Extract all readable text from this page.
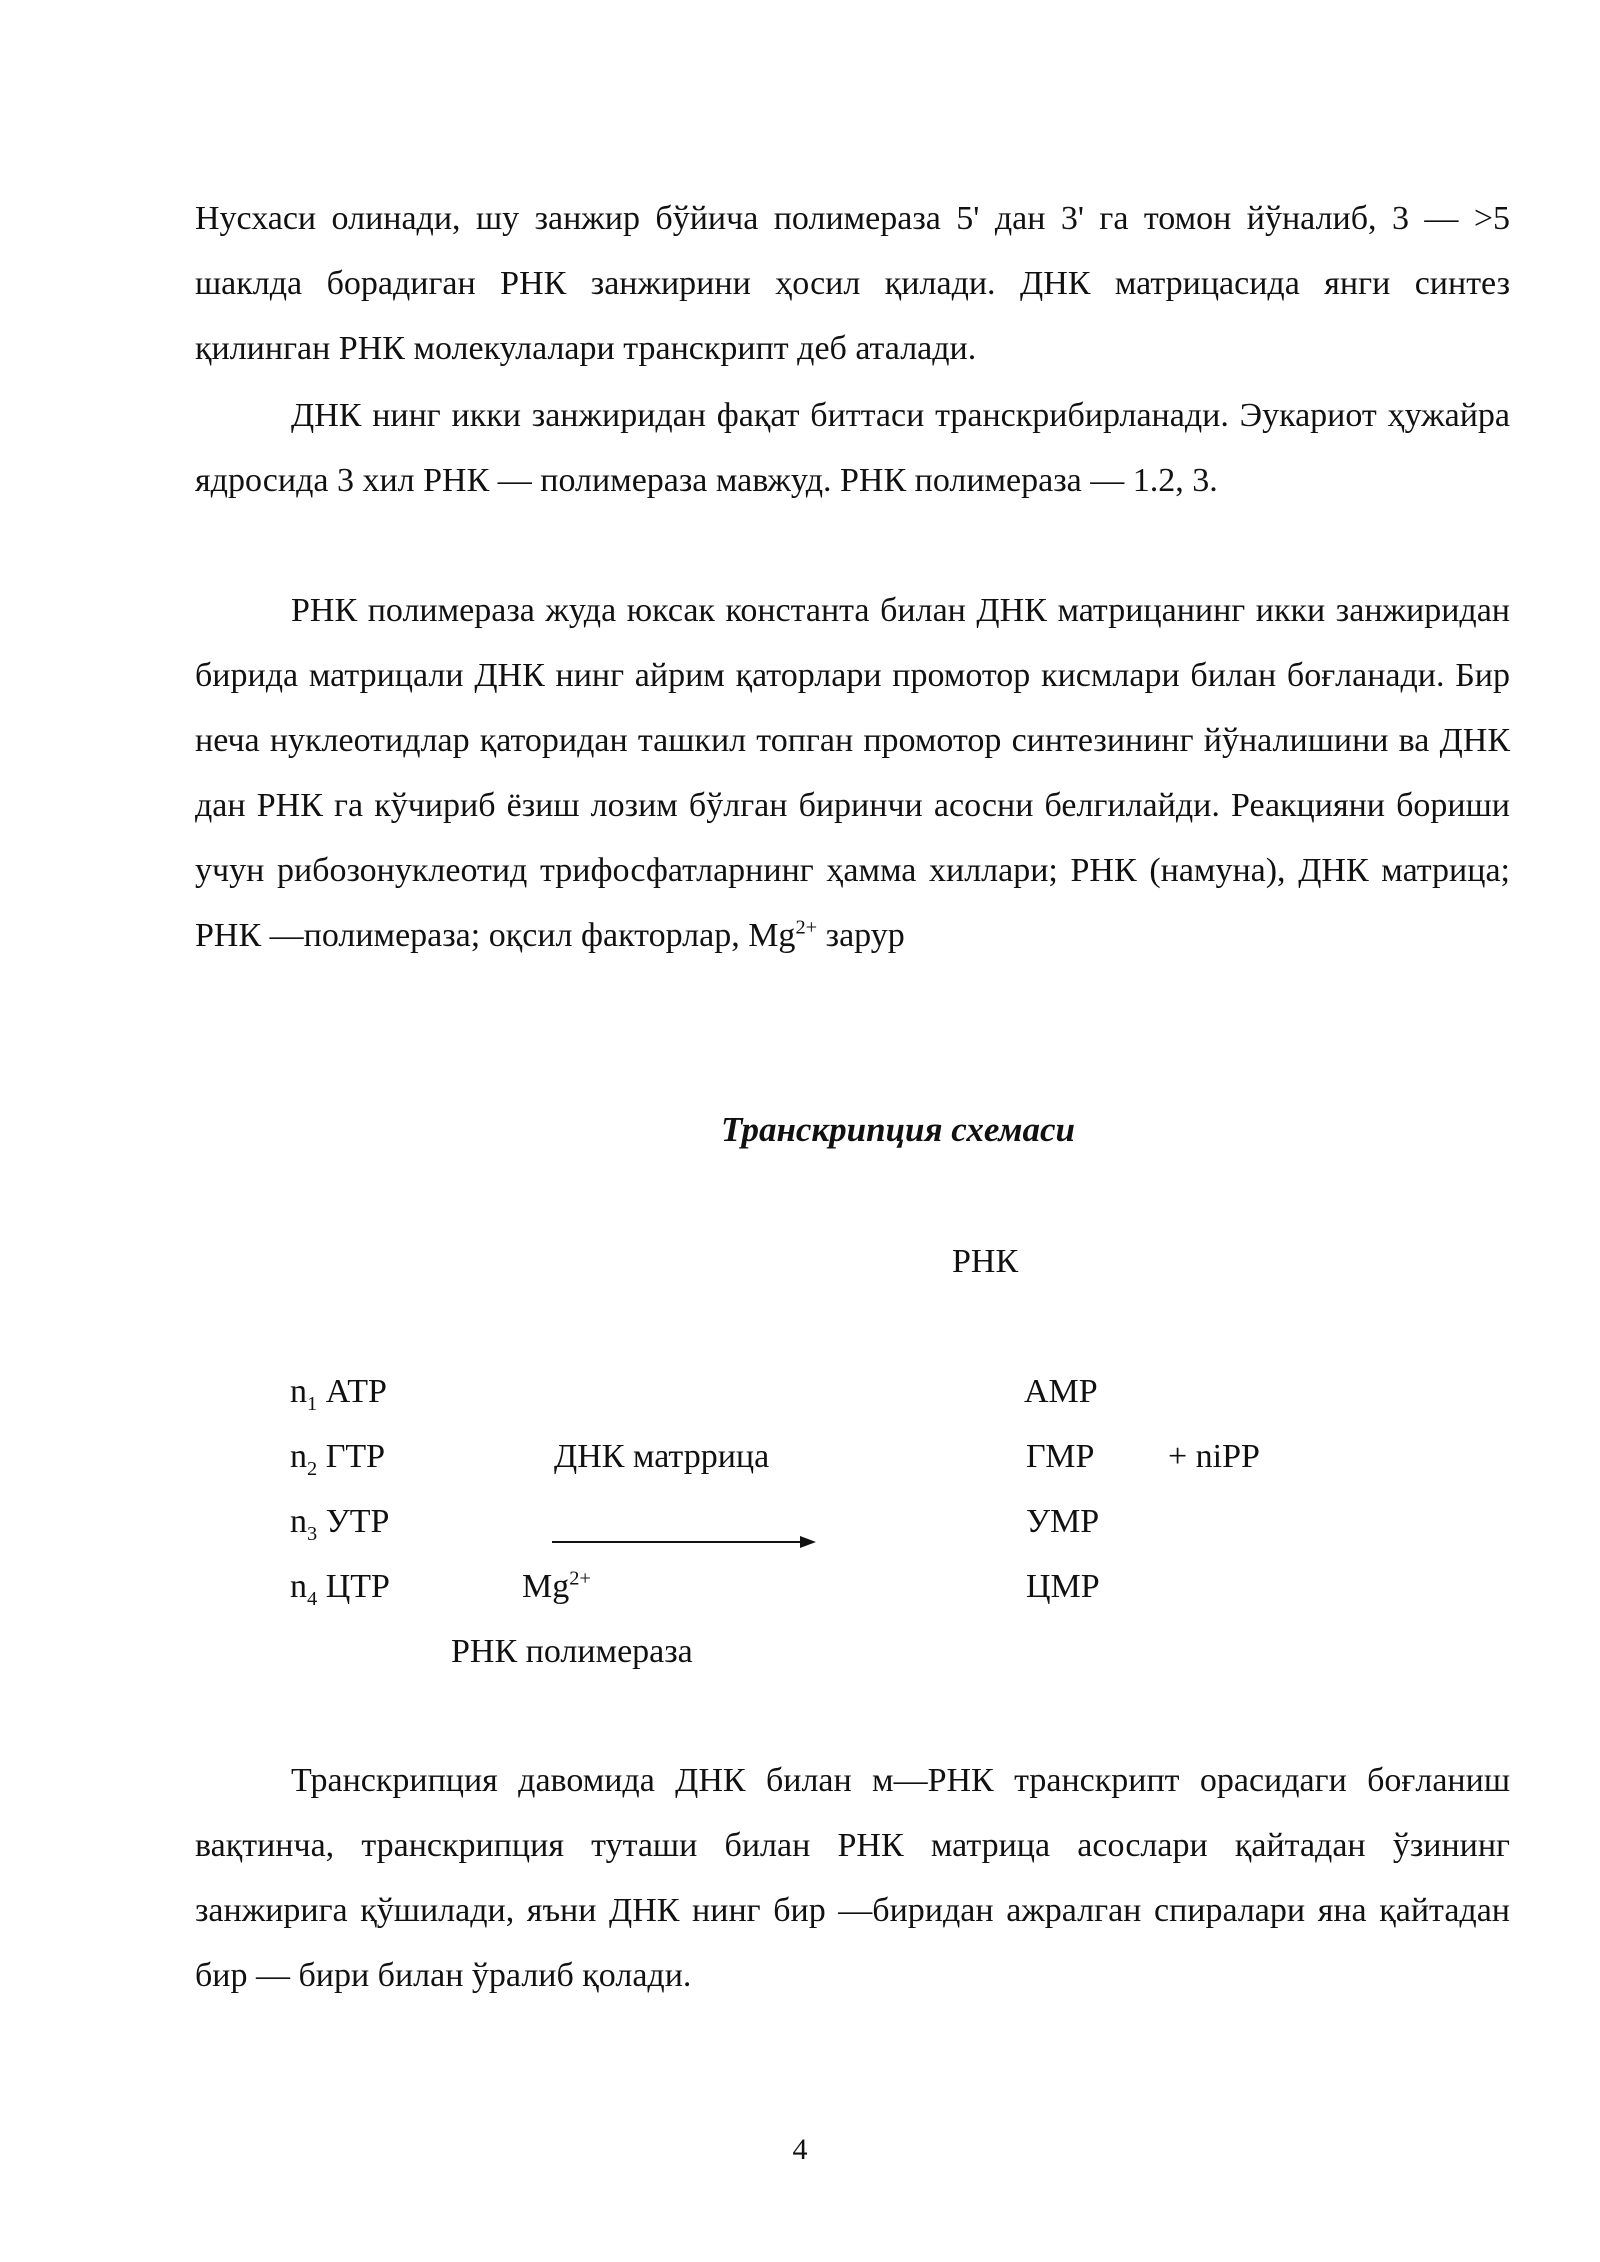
Нусхаси олинади, шу занжир бўйича полимераза 5' дан 3' га томон йўналиб, 3 — >5 шаклда борадиган РНК занжирини ҳосил қилади. ДНК матрицасида янги синтез қилинган РНК молекулалари транскрипт деб аталади.

ДНК нинг икки занжиридан фақат биттаси транскрибирланади. Эукариот ҳужайра ядросида 3 хил РНК — полимераза мавжуд. РНК полимераза — 1.2, 3.

РНК полимераза жуда юксак константа билан ДНК матрицанинг икки занжиридан бирида матрицали ДНК нинг айрим қаторлари промотор кисмлари билан боғланади. Бир неча нуклеотидлар қаторидан ташкил топган промотор синтезининг йўналишини ва ДНК дан РНК га кўчириб ёзиш лозим бўлган биринчи асосни белгилайди. Реакцияни бориши учун рибозонуклеотид трифосфатларнинг ҳамма хиллари; РНК (намуна), ДНК матрица; РНК —полимераза; оқсил факторлар, $Mg^{2+}$ зарур

Транскрипция схемаси
РНК
$n_1$ АТР
$n_2$ ГТР
$n_3$ УТР
$n_4$ ЦТР
ДНК матррица
$Mg^{2+}$
РНК полимераза
АМР
ГМР
УМР
ЦМР
+ niPP

Транскрипция давомида ДНК билан м—РНК транскрипт орасидаги боғланиш вақтинча, транскрипция туташи билан РНК матрица асослари қайтадан ўзининг занжирига қўшилади, яъни ДНК нинг бир —биридан ажралган спиралари яна қайтадан бир — бири билан ўралиб қолади.

4
